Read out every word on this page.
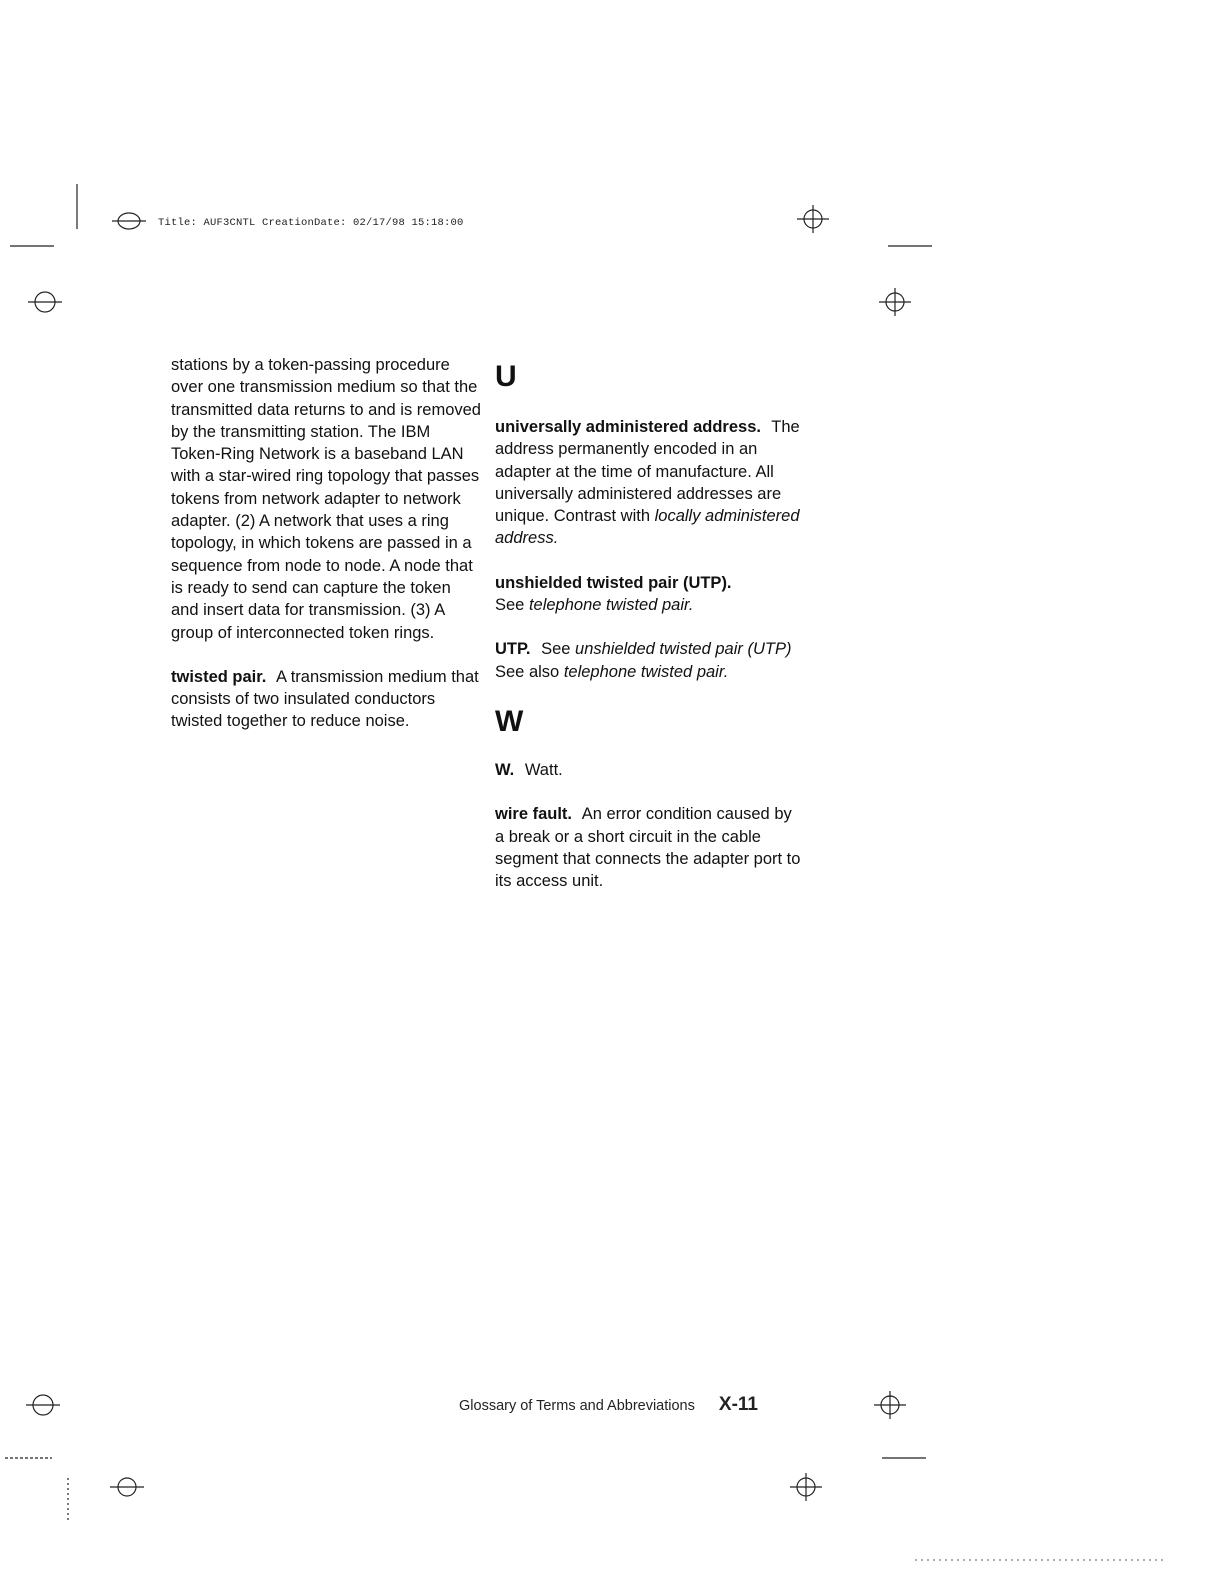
Title: AUF3CNTL CreationDate: 02/17/98 15:18:00

stations by a token-passing procedure over one transmission medium so that the transmitted data returns to and is removed by the transmitting station. The IBM Token-Ring Network is a baseband LAN with a star-wired ring topology that passes tokens from network adapter to network adapter. (2) A network that uses a ring topology, in which tokens are passed in a sequence from node to node. A node that is ready to send can capture the token and insert data for transmission. (3) A group of interconnected token rings.

twisted pair. A transmission medium that consists of two insulated conductors twisted together to reduce noise.

U

universally administered address. The address permanently encoded in an adapter at the time of manufacture. All universally administered addresses are unique. Contrast with locally administered address.

unshielded twisted pair (UTP).
See telephone twisted pair.

UTP. See unshielded twisted pair (UTP) See also telephone twisted pair.

W

W. Watt.

wire fault. An error condition caused by a break or a short circuit in the cable segment that connects the adapter port to its access unit.

Glossary of Terms and Abbreviations X-11
